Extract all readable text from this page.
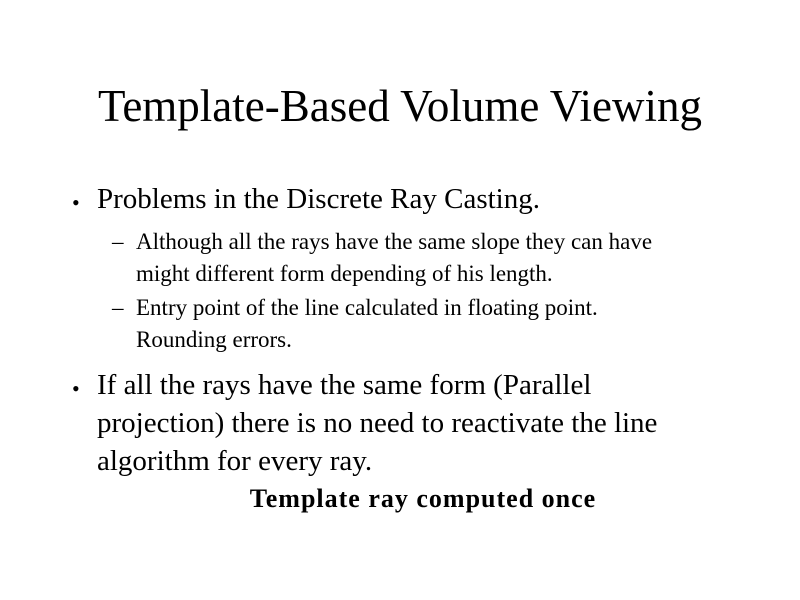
Template-Based Volume Viewing
• Problems in the Discrete Ray Casting.
– Although all the rays have the same slope they can have
might different form depending of his length.
– Entry point of the line calculated in floating point.
Rounding errors.
• If all the rays have the same form (Parallel
projection) there is no need to reactivate the line
algorithm for every ray.
Template ray computed once
